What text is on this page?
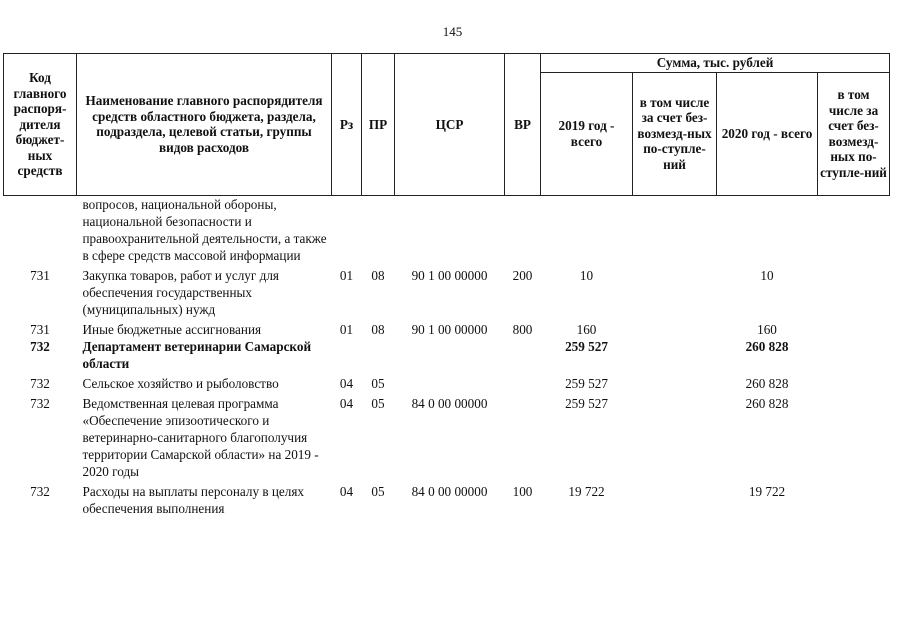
145
Код главного распоря-дителя бюджет-ных средств	Наименование главного распорядителя средств областного бюджета, раздела, подраздела, целевой статьи, группы видов расходов	Рз	ПР	ЦСР	ВР	Сумма, тыс. рублей			
						2019 год - всего	в том числе за счет без-возмезд-ных по-ступле-ний	2020 год - всего	в том числе за счет без-возмезд-ных по-ступле-ний
	вопросов, национальной обороны, национальной безопасности и правоохранительной деятельности, а также в сфере средств массовой информации								
731	Закупка товаров, работ и услуг для обеспечения государственных (муниципальных) нужд	01	08	90 1 00 00000	200	10		10	
731	Иные бюджетные ассигнования	01	08	90 1 00 00000	800	160		160	
732	Департамент ветеринарии Самарской области					259 527		260 828	
732	Сельское хозяйство и рыболовство	04	05			259 527		260 828	
732	Ведомственная целевая программа «Обеспечение эпизоотического и ветеринарно-санитарного благополучия территории Самарской области» на 2019 - 2020 годы	04	05	84 0 00 00000		259 527		260 828	
732	Расходы на выплаты персоналу в целях обеспечения выполнения	04	05	84 0 00 00000	100	19 722		19 722	
